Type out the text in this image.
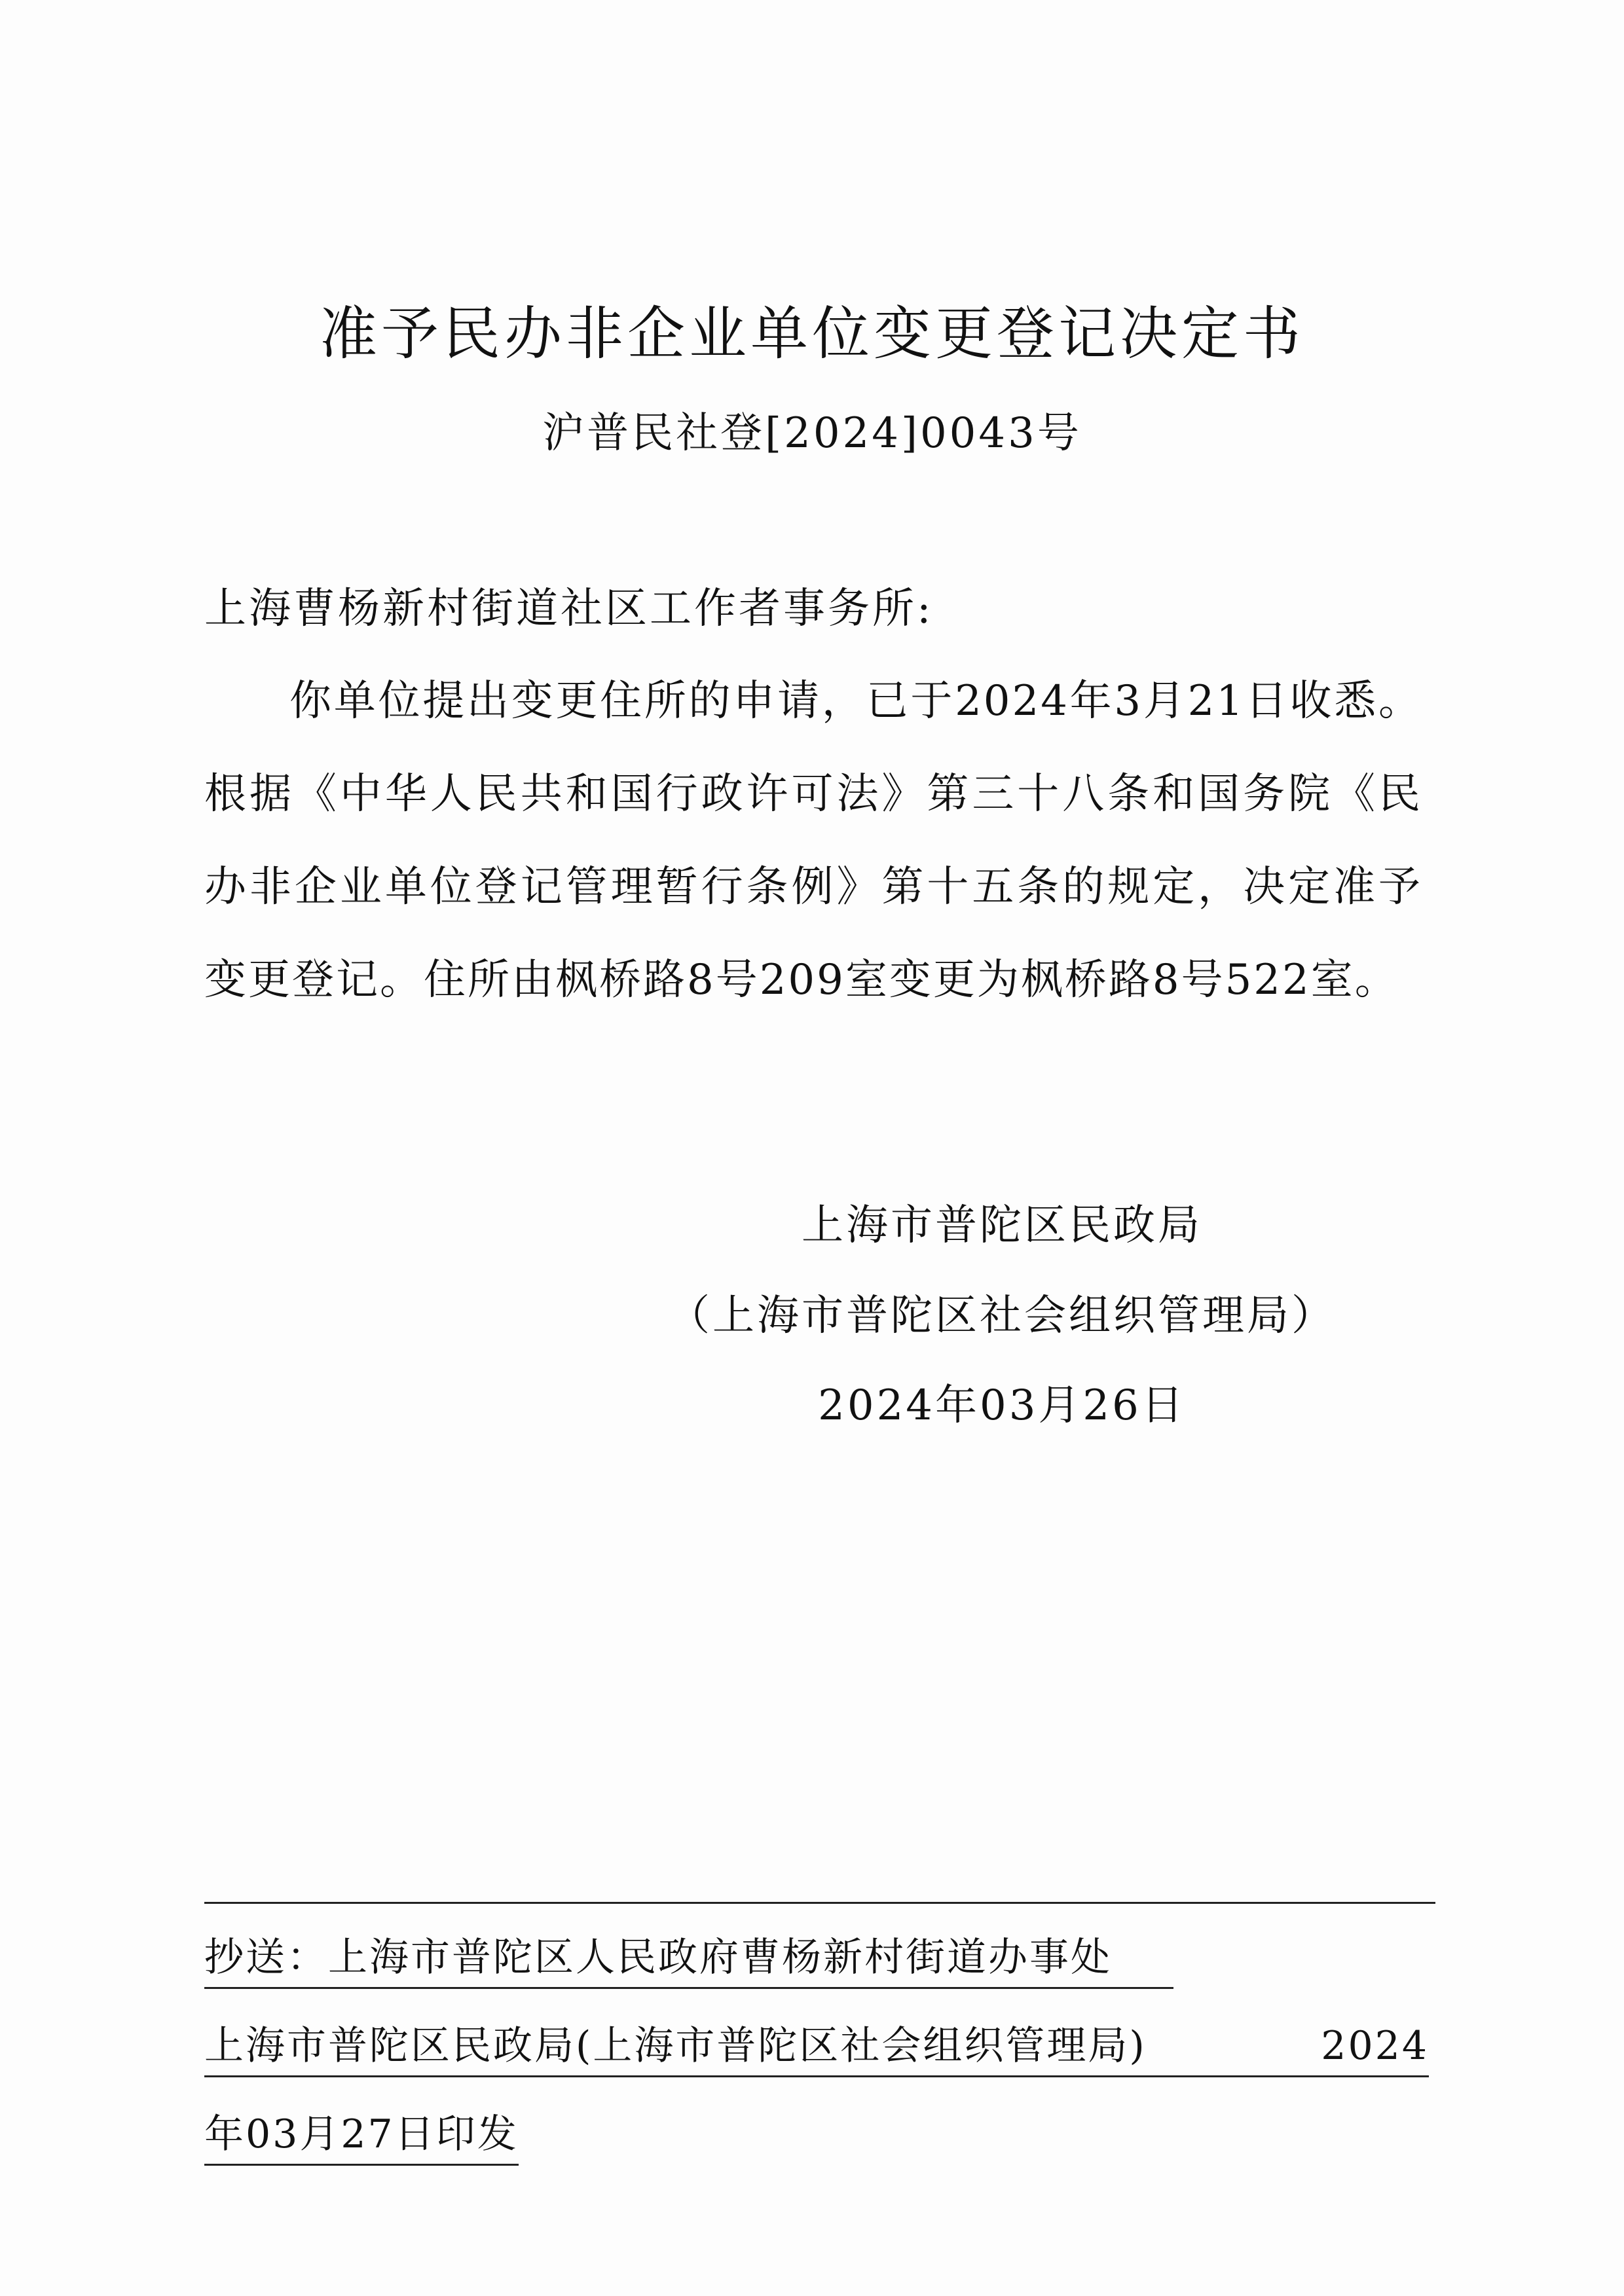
准予民办非企业单位变更登记决定书
沪普民社登[2024]0043号
上海曹杨新村街道社区工作者事务所:
你单位提出变更住所的申请，已于2024年3月21日收悉。根据《中华人民共和国行政许可法》第三十八条和国务院《民办非企业单位登记管理暂行条例》第十五条的规定，决定准予变更登记。住所由枫桥路8号209室变更为枫桥路8号522室。
上海市普陀区民政局
（上海市普陀区社会组织管理局）
2024年03月26日
抄送：上海市普陀区人民政府曹杨新村街道办事处
上海市普陀区民政局(上海市普陀区社会组织管理局)	2024
年03月27日印发
